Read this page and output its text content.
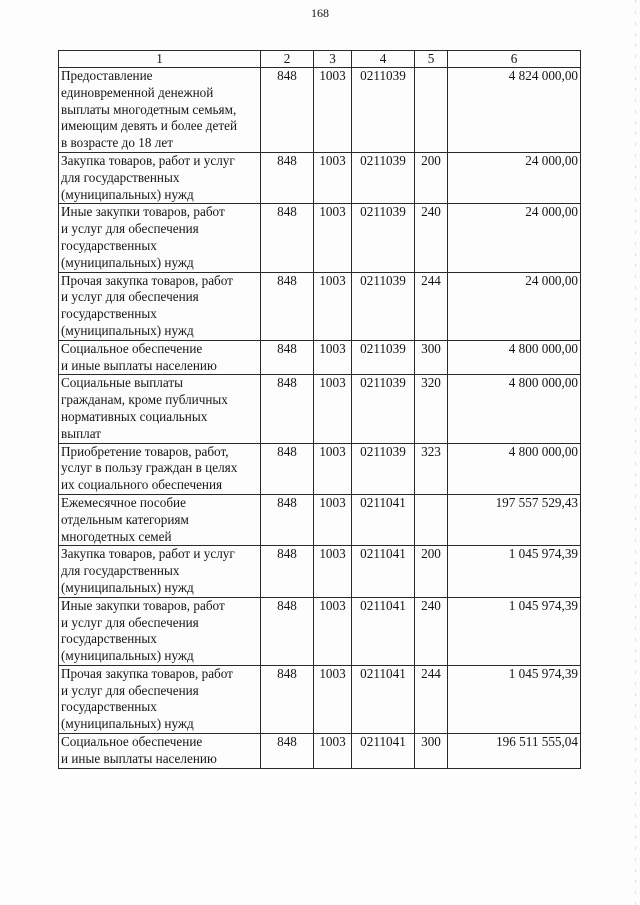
168
1	2	3	4	5	6
Предоставление
единовременной денежной
выплаты многодетным семьям,
имеющим девять и более детей
в возрасте до 18 лет	848	1003	0211039		4 824 000,00
Закупка товаров, работ и услуг
для государственных
(муниципальных) нужд	848	1003	0211039	200	24 000,00
Иные закупки товаров, работ
и услуг для обеспечения
государственных
(муниципальных) нужд	848	1003	0211039	240	24 000,00
Прочая закупка товаров, работ
и услуг для обеспечения
государственных
(муниципальных) нужд	848	1003	0211039	244	24 000,00
Социальное обеспечение
и иные выплаты населению	848	1003	0211039	300	4 800 000,00
Социальные выплаты
гражданам, кроме публичных
нормативных социальных
выплат	848	1003	0211039	320	4 800 000,00
Приобретение товаров, работ,
услуг в пользу граждан в целях
их социального обеспечения	848	1003	0211039	323	4 800 000,00
Ежемесячное пособие
отдельным категориям
многодетных семей	848	1003	0211041		197 557 529,43
Закупка товаров, работ и услуг
для государственных
(муниципальных) нужд	848	1003	0211041	200	1 045 974,39
Иные закупки товаров, работ
и услуг для обеспечения
государственных
(муниципальных) нужд	848	1003	0211041	240	1 045 974,39
Прочая закупка товаров, работ
и услуг для обеспечения
государственных
(муниципальных) нужд	848	1003	0211041	244	1 045 974,39
Социальное обеспечение
и иные выплаты населению	848	1003	0211041	300	196 511 555,04
